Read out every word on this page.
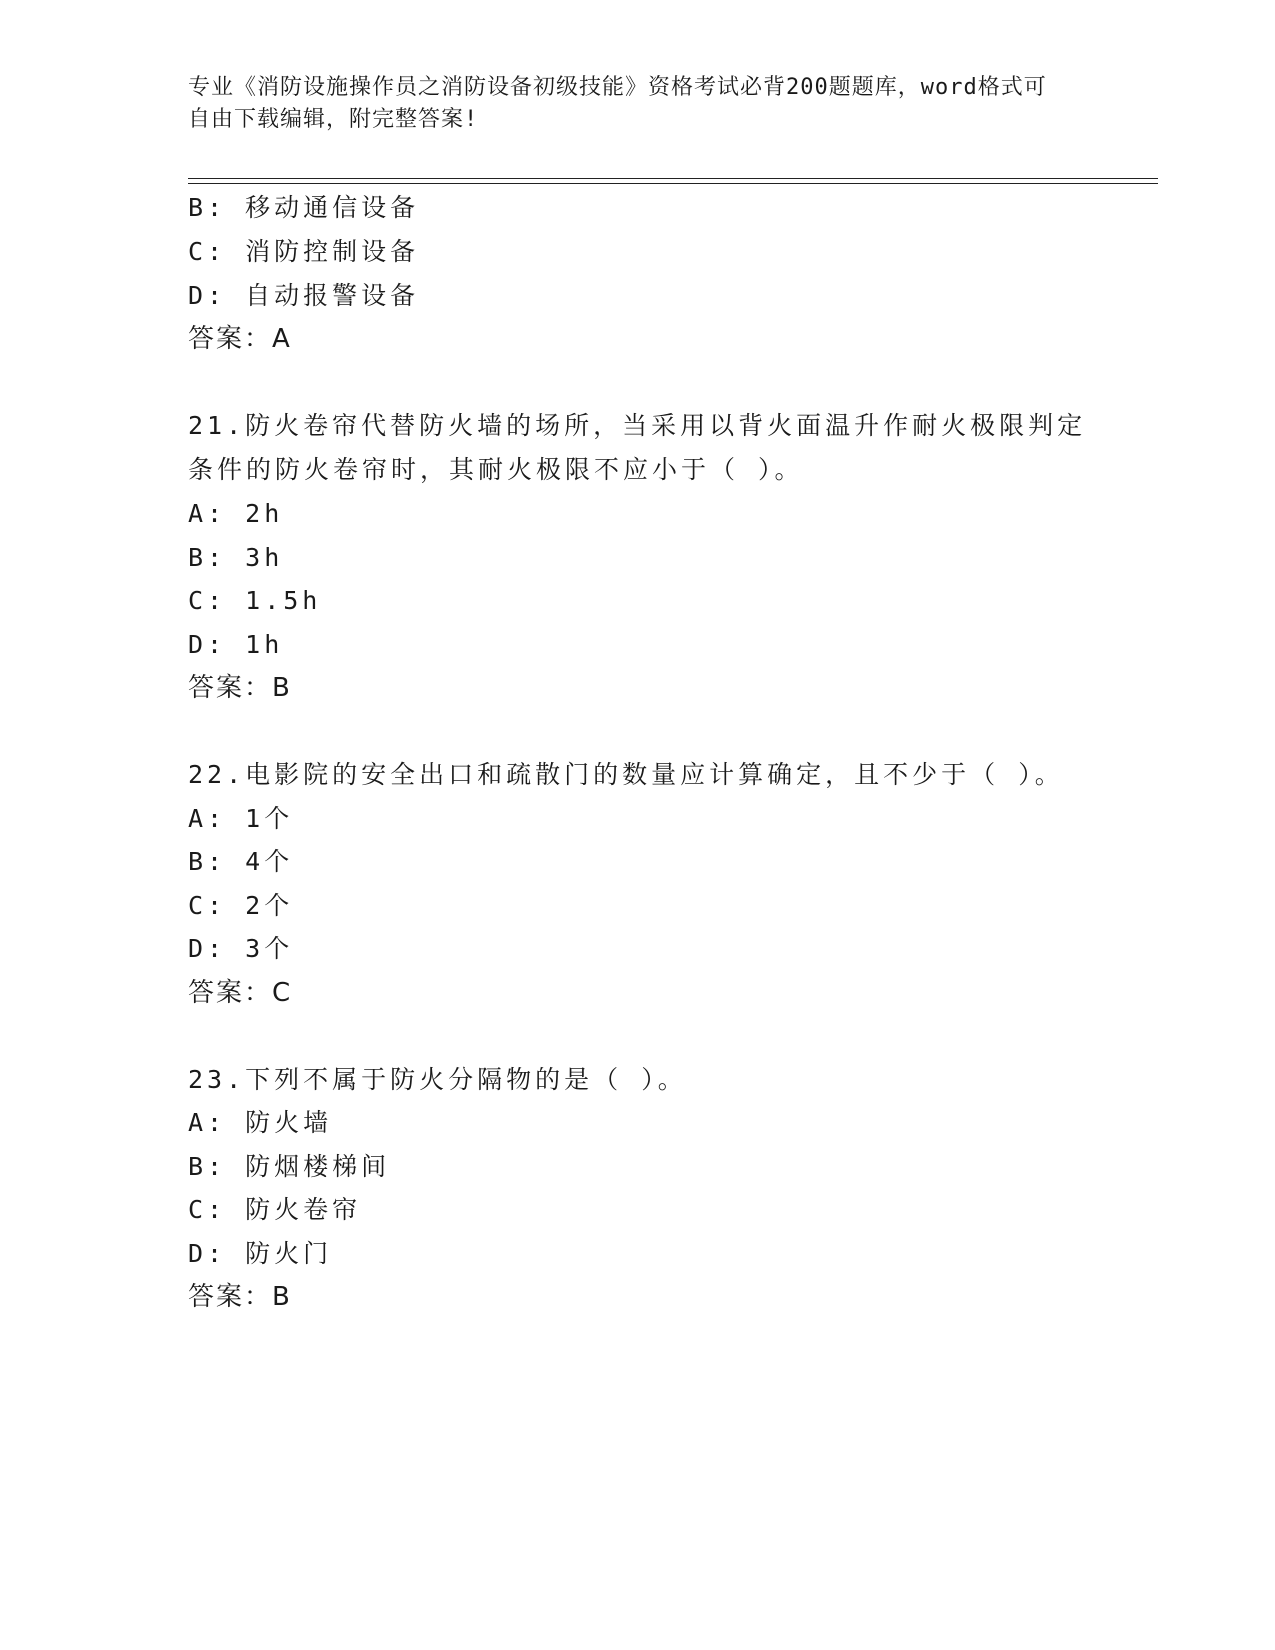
专业《消防设施操作员之消防设备初级技能》资格考试必背200题题库，word格式可自由下载编辑，附完整答案!
B: 移动通信设备
C: 消防控制设备
D: 自动报警设备
答案：A
21.防火卷帘代替防火墙的场所，当采用以背火面温升作耐火极限判定
条件的防火卷帘时，其耐火极限不应小于（ ）。
A: 2h
B: 3h
C: 1.5h
D: 1h
答案：B
22.电影院的安全出口和疏散门的数量应计算确定，且不少于（ ）。
A: 1个
B: 4个
C: 2个
D: 3个
答案：C
23.下列不属于防火分隔物的是（ ）。
A: 防火墙
B: 防烟楼梯间
C: 防火卷帘
D: 防火门
答案：B
